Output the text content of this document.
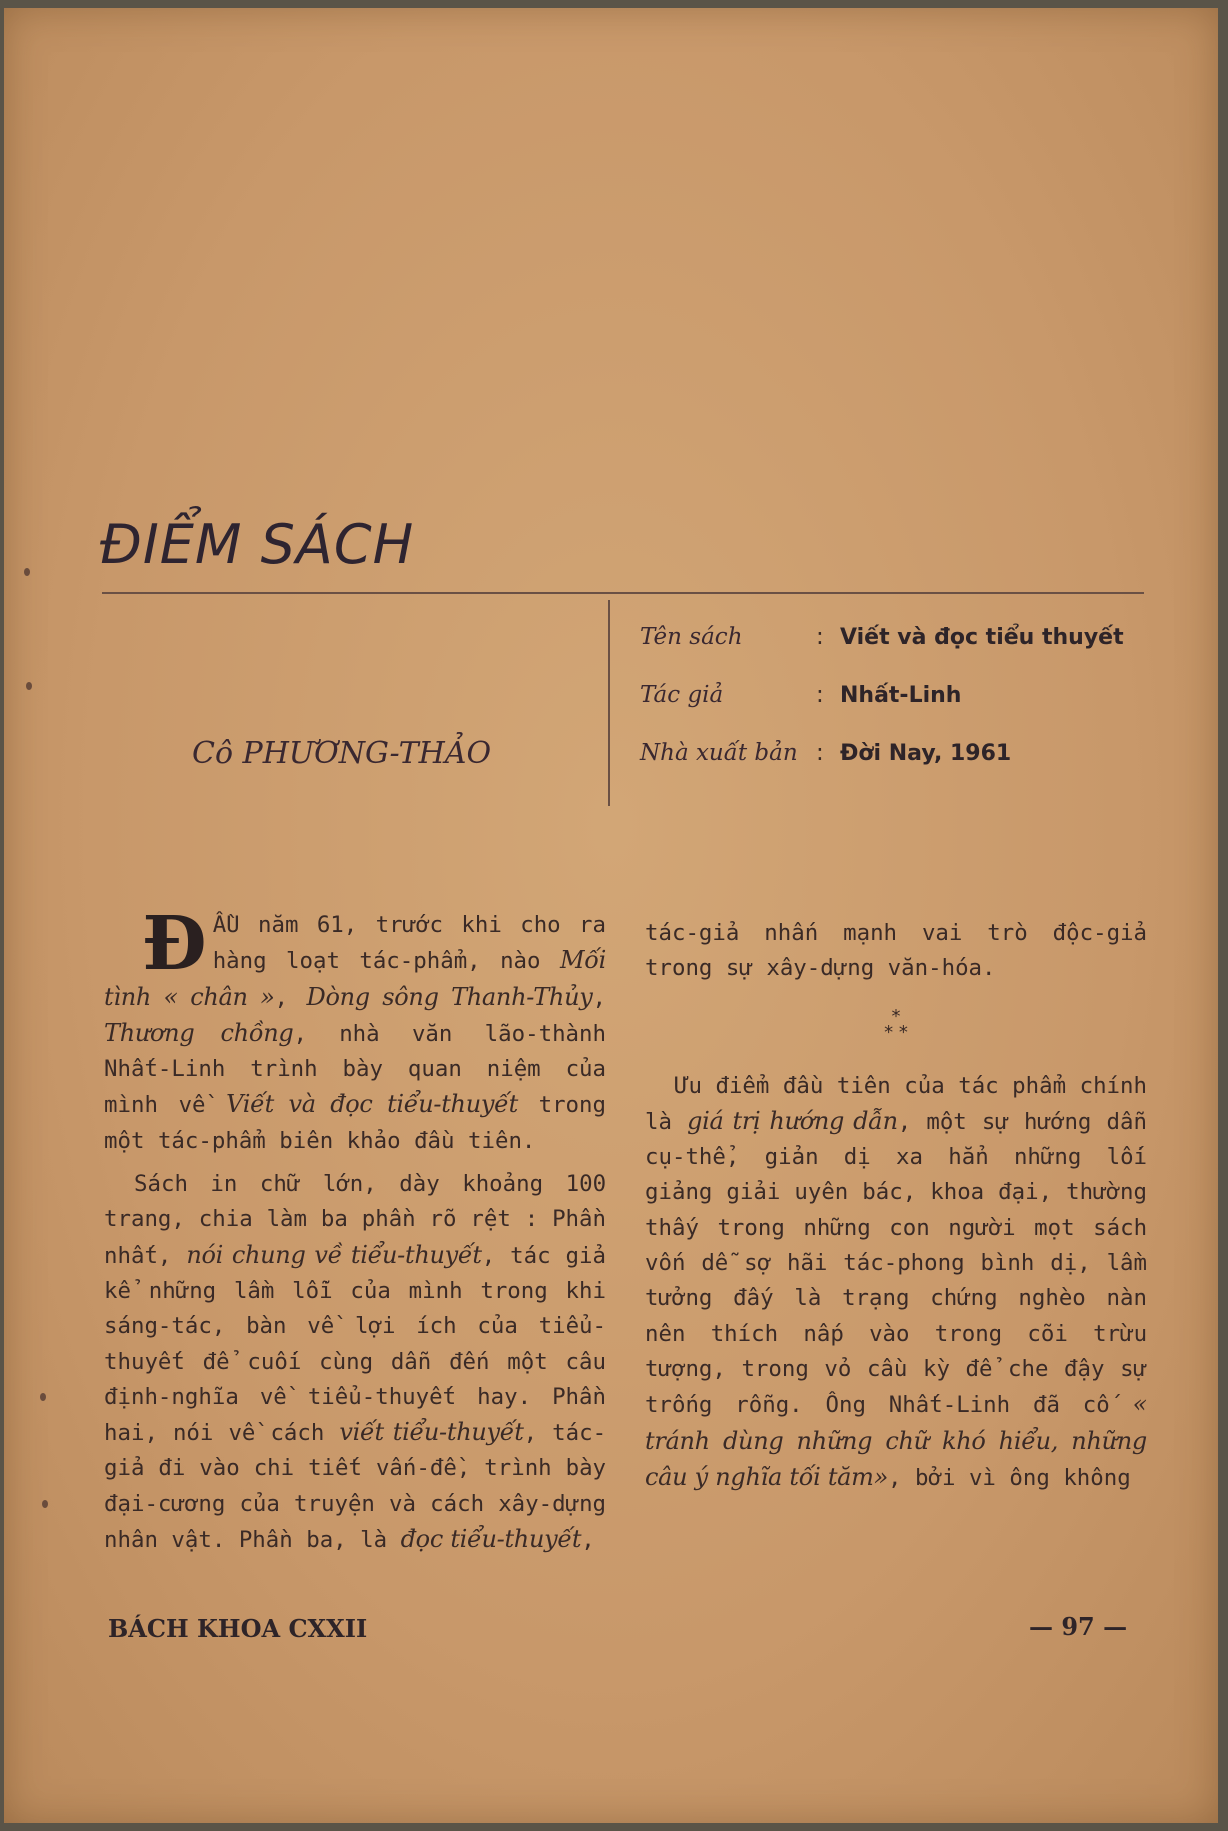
ĐIỂM SÁCH
Cô PHƯƠNG-THẢO
Tên sách	: Viết và đọc tiểu thuyết
Tác giả	: Nhất-Linh
Nhà xuất bản : Đời Nay, 1961

ĐẦU năm 61, trước khi cho ra hàng loạt tác-phẩm, nào Mối tình « chân », Dòng sông Thanh-Thủy, Thương chồng, nhà văn lão-thành Nhất-Linh trình bày quan niệm của mình về Viết và đọc tiểu-thuyết trong một tác-phẩm biên khảo đầu tiên.

Sách in chữ lớn, dày khoảng 100 trang, chia làm ba phần rõ rệt : Phần nhất, nói chung về tiểu-thuyết, tác giả kể những lầm lỗi của mình trong khi sáng-tác, bàn về lợi ích của tiểu-thuyết để cuối cùng dẫn đến một câu định-nghĩa về tiểu-thuyết hay. Phần hai, nói về cách viết tiểu-thuyết, tác-giả đi vào chi tiết vấn-đề, trình bày đại-cương của truyện và cách xây-dựng nhân vật. Phần ba, là đọc tiểu-thuyết,

tác-giả nhấn mạnh vai trò độc-giả trong sự xây-dựng văn-hóa.

*
* *

Ưu điểm đầu tiên của tác phẩm chính là giá trị hướng dẫn, một sự hướng dẫn cụ-thể, giản dị xa hẳn những lối giảng giải uyên bác, khoa đại, thường thấy trong những con người mọt sách vốn dễ sợ hãi tác-phong bình dị, lầm tưởng đấy là trạng chứng nghèo nàn nên thích nấp vào trong cõi trừu tượng, trong vỏ cầu kỳ để che đậy sự trống rỗng. Ông Nhất-Linh đã cố « tránh dùng những chữ khó hiểu, những câu ý nghĩa tối tăm», bởi vì ông không

BÁCH KHOA CXXII	— 97 —
